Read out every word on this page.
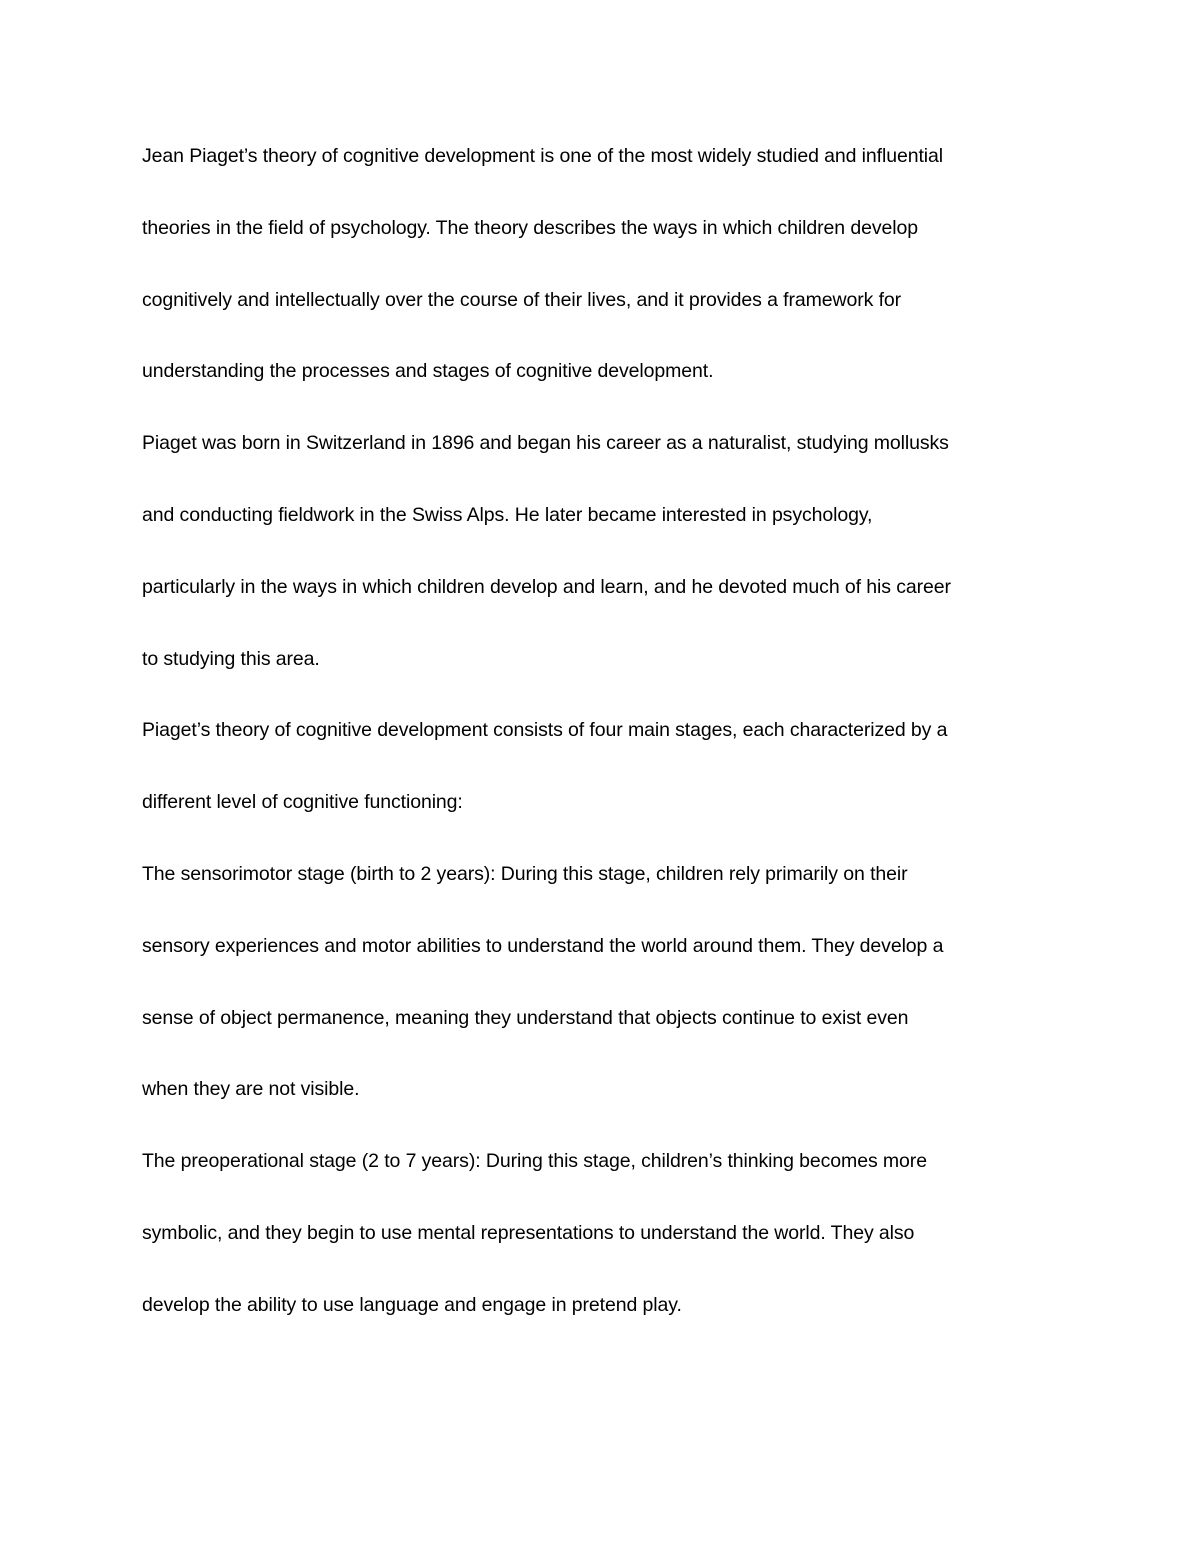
Jean Piaget’s theory of cognitive development is one of the most widely studied and influential
theories in the field of psychology. The theory describes the ways in which children develop
cognitively and intellectually over the course of their lives, and it provides a framework for
understanding the processes and stages of cognitive development.
Piaget was born in Switzerland in 1896 and began his career as a naturalist, studying mollusks
and conducting fieldwork in the Swiss Alps. He later became interested in psychology,
particularly in the ways in which children develop and learn, and he devoted much of his career
to studying this area.
Piaget’s theory of cognitive development consists of four main stages, each characterized by a
different level of cognitive functioning:
The sensorimotor stage (birth to 2 years): During this stage, children rely primarily on their
sensory experiences and motor abilities to understand the world around them. They develop a
sense of object permanence, meaning they understand that objects continue to exist even
when they are not visible.
The preoperational stage (2 to 7 years): During this stage, children’s thinking becomes more
symbolic, and they begin to use mental representations to understand the world. They also
develop the ability to use language and engage in pretend play.
